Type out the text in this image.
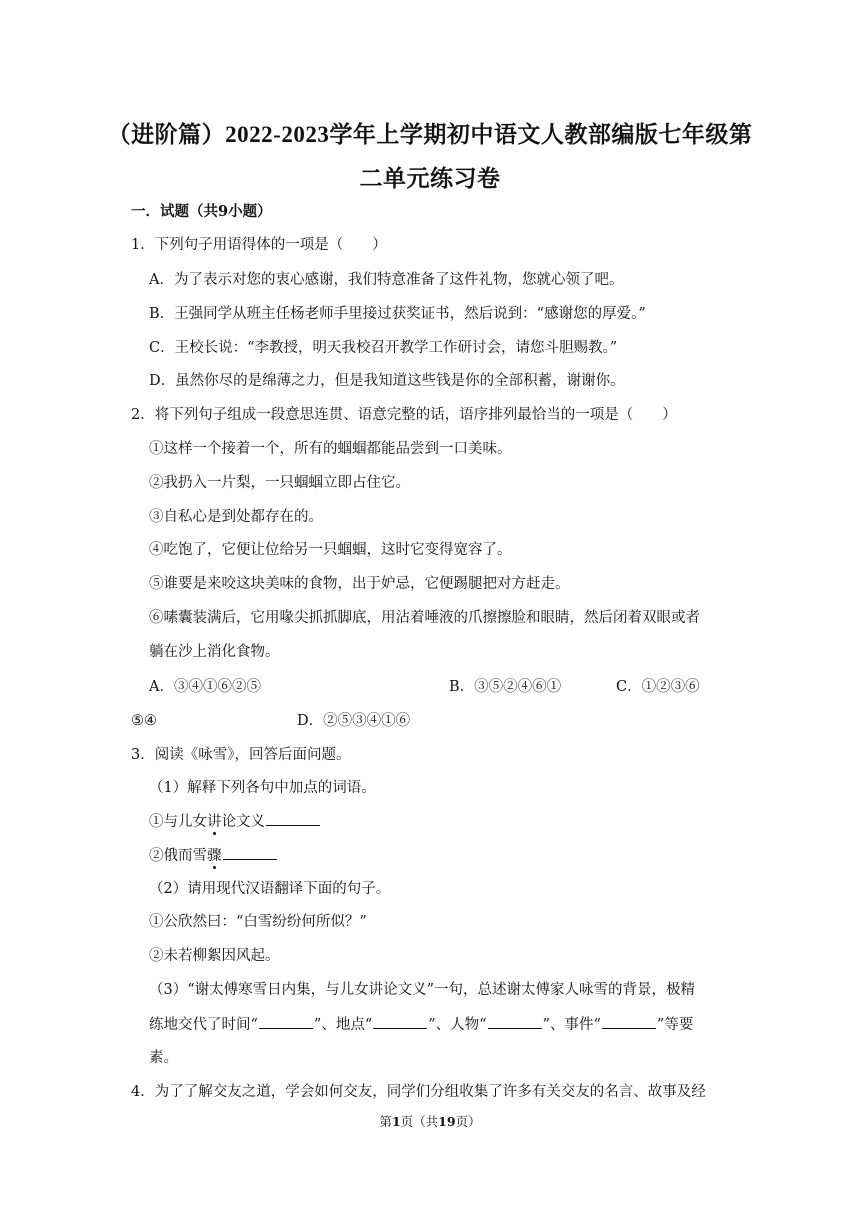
（进阶篇）2022-2023学年上学期初中语文人教部编版七年级第
二单元练习卷
一．试题（共9小题）
1．下列句子用语得体的一项是（　　）
A．为了表示对您的衷心感谢，我们特意准备了这件礼物，您就心领了吧。
B．王强同学从班主任杨老师手里接过获奖证书，然后说到：“感谢您的厚爱。”
C．王校长说：“李教授，明天我校召开教学工作研讨会，请您斗胆赐教。”
D．虽然你尽的是绵薄之力，但是我知道这些钱是你的全部积蓄，谢谢你。
2．将下列句子组成一段意思连贯、语意完整的话，语序排列最恰当的一项是（　　）
①这样一个接着一个，所有的蝈蝈都能品尝到一口美味。
②我扔入一片梨，一只蝈蝈立即占住它。
③自私心是到处都存在的。
④吃饱了，它便让位给另一只蝈蝈，这时它变得宽容了。
⑤谁要是来咬这块美味的食物，出于妒忌，它便踢腿把对方赶走。
⑥嗉囊装满后，它用喙尖抓抓脚底，用沾着唾液的爪擦擦脸和眼睛，然后闭着双眼或者
躺在沙上消化食物。
A．③④①⑥②⑤	B．③⑤②④⑥①	C．①②③⑥
⑤④	D．②⑤③④①⑥
3．阅读《咏雪》，回答后面问题。
（1）解释下列各句中加点的词语。
①与儿女讲论文义
②俄而雪骤
（2）请用现代汉语翻译下面的句子。
①公欣然曰：“白雪纷纷何所似？”
②未若柳絮因风起。
（3）“谢太傅寒雪日内集，与儿女讲论文义”一句，总述谢太傅家人咏雪的背景，极精
练地交代了时间“	”、地点“	”、人物“	”、事件“	”等要
素。
4．为了了解交友之道，学会如何交友，同学们分组收集了许多有关交友的名言、故事及经
第1页（共19页）
